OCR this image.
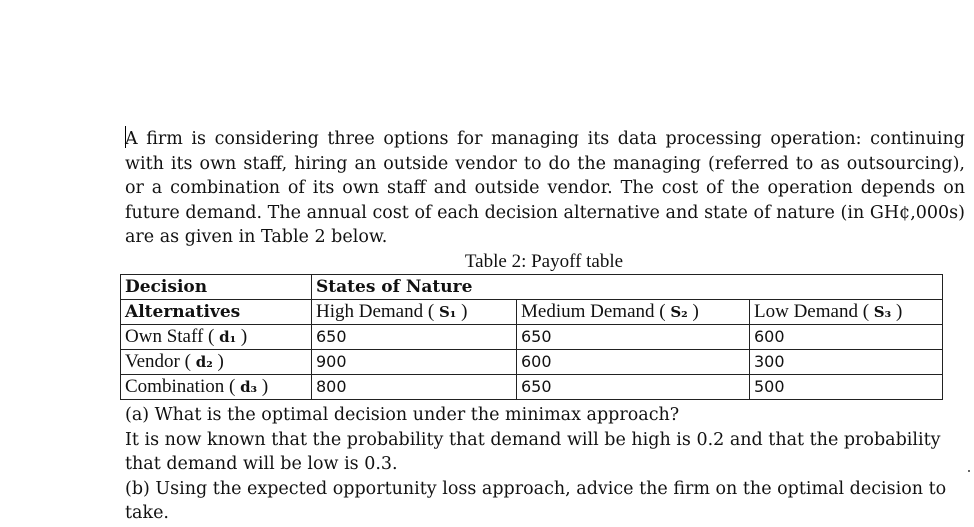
A firm is considering three options for managing its data processing operation: continuing with its own staff, hiring an outside vendor to do the managing (referred to as outsourcing), or a combination of its own staff and outside vendor. The cost of the operation depends on future demand. The annual cost of each decision alternative and state of nature (in GH¢,000s) are as given in Table 2 below.
Table 2: Payoff table
Decision	States of Nature		
Alternatives	High Demand ( S₁ )	Medium Demand ( S₂ )	Low Demand ( S₃ )
Own Staff ( d₁ )	650	650	600
Vendor ( d₂ )	900	600	300
Combination ( d₃ )	800	650	500

(a) What is the optimal decision under the minimax approach?

It is now known that the probability that demand will be high is 0.2 and that the probability that demand will be low is 0.3.

(b) Using the expected opportunity loss approach, advice the firm on the optimal decision to take.
